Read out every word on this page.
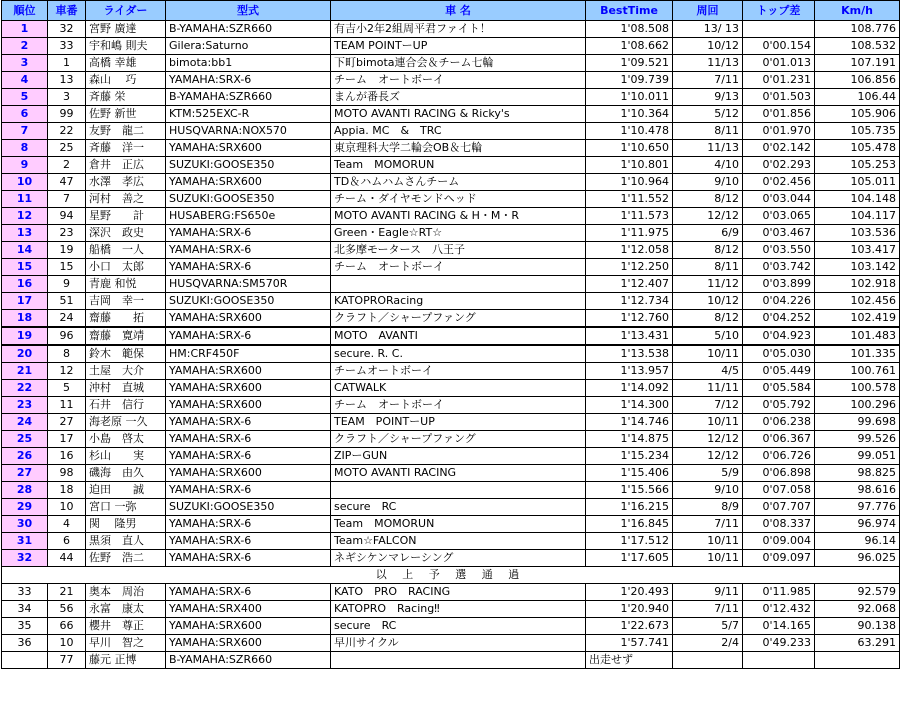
順位	車番	ライダー	型式	車 名	BestTime	周回	トップ差	Km/h
1	32	宮野 廣達	B-YAMAHA:SZR660	有吉小2年2組周平君ファイト！	1'08.508	13/ 13		108.776
2	33	宇和嶋 則夫	Gilera:Saturno	TEAM POINTーUP	1'08.662	10/12	0'00.154	108.532
3	1	高橋 幸雄	bimota:bb1	下町bimota連合会＆チーム七輪	1'09.521	11/13	0'01.013	107.191
4	13	森山　 巧	YAMAHA:SRX-6	チーム　オートボーイ	1'09.739	7/11	0'01.231	106.856
5	3	斉藤 栄	B-YAMAHA:SZR660	まんが番長ズ	1'10.011	9/13	0'01.503	106.44
6	99	佐野 新世	KTM:525EXC-R	MOTO AVANTI RACING & Ricky's	1'10.364	5/12	0'01.856	105.906
7	22	友野　龍二	HUSQVARNA:NOX570	Appia. MC　&　TRC	1'10.478	8/11	0'01.970	105.735
8	25	斉藤　洋一	YAMAHA:SRX600	東京理科大学二輪会OB＆七輪	1'10.650	11/13	0'02.142	105.478
9	2	倉井　正広	SUZUKI:GOOSE350	Team　MOMORUN	1'10.801	4/10	0'02.293	105.253
10	47	水澤　孝広	YAMAHA:SRX600	TD＆ハムハムさんチーム	1'10.964	9/10	0'02.456	105.011
11	7	河村　善之	SUZUKI:GOOSE350	チーム・ダイヤモンドヘッド	1'11.552	8/12	0'03.044	104.148
12	94	星野　　計	HUSABERG:FS650e	MOTO AVANTI RACING & H・M・R	1'11.573	12/12	0'03.065	104.117
13	23	深沢　政史	YAMAHA:SRX-6	Green・Eagle☆RT☆	1'11.975	6/9	0'03.467	103.536
14	19	船橋　一人	YAMAHA:SRX-6	北多摩モータース　八王子	1'12.058	8/12	0'03.550	103.417
15	15	小口　太郎	YAMAHA:SRX-6	チーム　オートボーイ	1'12.250	8/11	0'03.742	103.142
16	9	青鹿 和悦	HUSQVARNA:SM570R		1'12.407	11/12	0'03.899	102.918
17	51	吉岡　幸一	SUZUKI:GOOSE350	KATOPRORacing	1'12.734	10/12	0'04.226	102.456
18	24	齋藤　　拓	YAMAHA:SRX600	クラフト／シャープファング	1'12.760	8/12	0'04.252	102.419
19	96	齋藤　寛靖	YAMAHA:SRX-6	MOTO　AVANTI	1'13.431	5/10	0'04.923	101.483
20	8	鈴木　範保	HM:CRF450F	secure. R. C.	1'13.538	10/11	0'05.030	101.335
21	12	土屋　大介	YAMAHA:SRX600	チームオートボーイ	1'13.957	4/5	0'05.449	100.761
22	5	沖村　直城	YAMAHA:SRX600	CATWALK	1'14.092	11/11	0'05.584	100.578
23	11	石井　信行	YAMAHA:SRX600	チーム　オートボーイ	1'14.300	7/12	0'05.792	100.296
24	27	海老原 一久	YAMAHA:SRX-6	TEAM　POINTーUP	1'14.746	10/11	0'06.238	99.698
25	17	小島　啓太	YAMAHA:SRX-6	クラフト／シャープファング	1'14.875	12/12	0'06.367	99.526
26	16	杉山　　実	YAMAHA:SRX-6	ZIPーGUN	1'15.234	12/12	0'06.726	99.051
27	98	磯海　由久	YAMAHA:SRX600	MOTO AVANTI RACING	1'15.406	5/9	0'06.898	98.825
28	18	迫田　　誠	YAMAHA:SRX-6		1'15.566	9/10	0'07.058	98.616
29	10	宮口 一弥	SUZUKI:GOOSE350	secure　RC	1'16.215	8/9	0'07.707	97.776
30	4	関　 隆男	YAMAHA:SRX-6	Team　MOMORUN	1'16.845	7/11	0'08.337	96.974
31	6	黒須　直人	YAMAHA:SRX-6	Team☆FALCON	1'17.512	10/11	0'09.004	96.14
32	44	佐野　浩二	YAMAHA:SRX-6	ネギシケンマレーシング	1'17.605	10/11	0'09.097	96.025
以 上 予 選 通 過								
33	21	奥本　周治	YAMAHA:SRX-6	KATO　PRO　RACING	1'20.493	9/11	0'11.985	92.579
34	56	永富　康太	YAMAHA:SRX400	KATOPRO　Racing‼	1'20.940	7/11	0'12.432	92.068
35	66	櫻井　尊正	YAMAHA:SRX600	secure　RC	1'22.673	5/7	0'14.165	90.138
36	10	早川　智之	YAMAHA:SRX600	早川サイクル	1'57.741	2/4	0'49.233	63.291
	77	藤元 正博	B-YAMAHA:SZR660		出走せず			
